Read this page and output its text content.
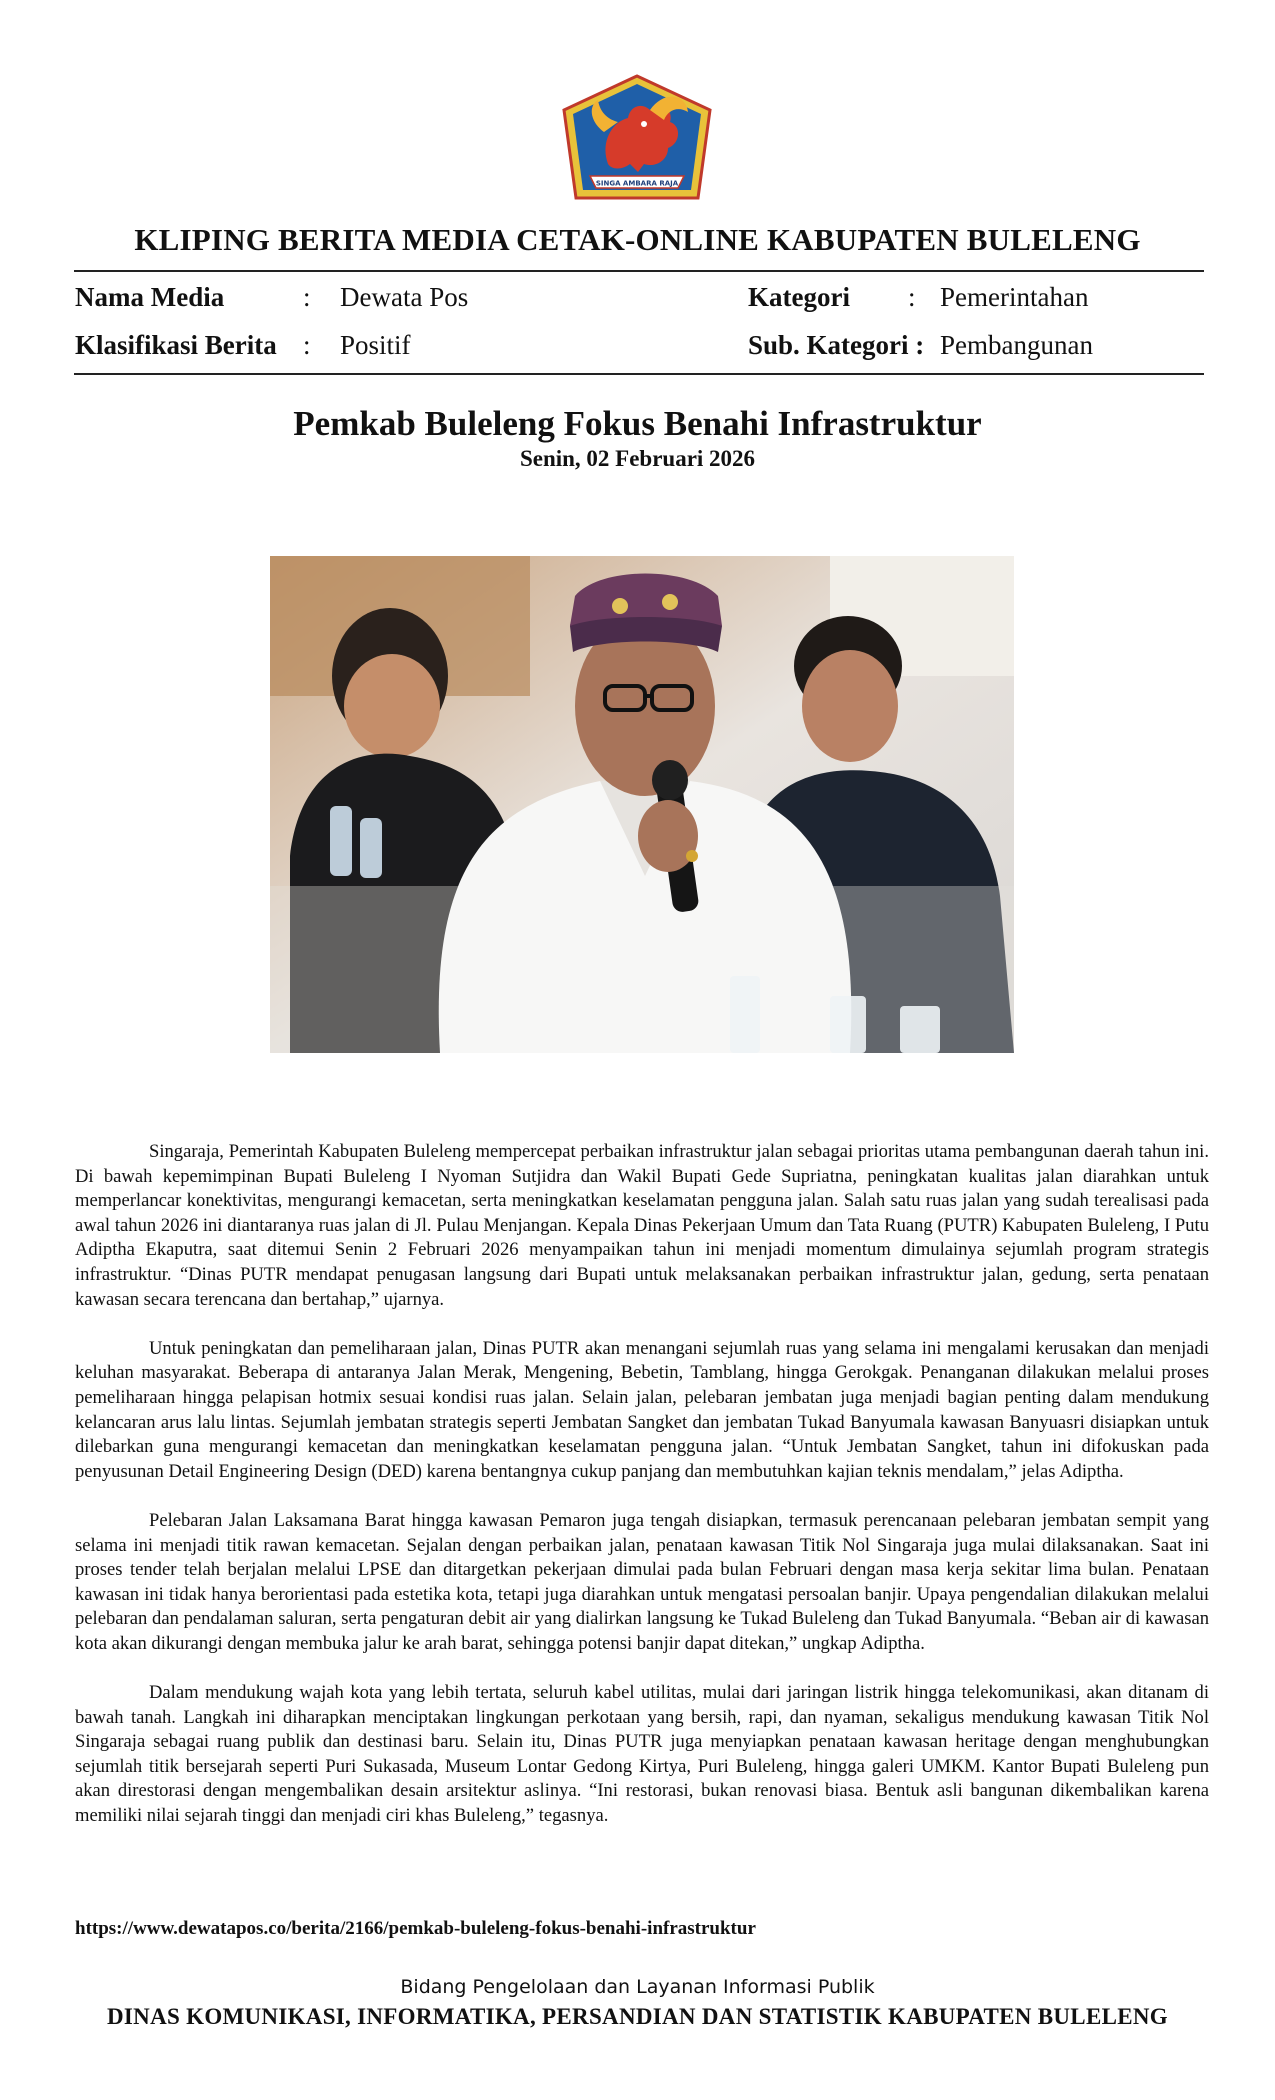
SINGA AMBARA RAJA
KLIPING BERITA MEDIA CETAK-ONLINE KABUPATEN BULELENG
Nama Media	: Dewata Pos
Klasifikasi Berita : Positif
Kategori : Pemerintahan
Sub. Kategori : Pembangunan
Pemkab Buleleng Fokus Benahi Infrastruktur
Senin, 02 Februari 2026

Singaraja, Pemerintah Kabupaten Buleleng mempercepat perbaikan infrastruktur jalan sebagai prioritas utama pembangunan daerah tahun ini. Di bawah kepemimpinan Bupati Buleleng I Nyoman Sutjidra dan Wakil Bupati Gede Supriatna, peningkatan kualitas jalan diarahkan untuk memperlancar konektivitas, mengurangi kemacetan, serta meningkatkan keselamatan pengguna jalan. Salah satu ruas jalan yang sudah terealisasi pada awal tahun 2026 ini diantaranya ruas jalan di Jl. Pulau Menjangan. Kepala Dinas Pekerjaan Umum dan Tata Ruang (PUTR) Kabupaten Buleleng, I Putu Adiptha Ekaputra, saat ditemui Senin 2 Februari 2026 menyampaikan tahun ini menjadi momentum dimulainya sejumlah program strategis infrastruktur. “Dinas PUTR mendapat penugasan langsung dari Bupati untuk melaksanakan perbaikan infrastruktur jalan, gedung, serta penataan kawasan secara terencana dan bertahap,” ujarnya.

Untuk peningkatan dan pemeliharaan jalan, Dinas PUTR akan menangani sejumlah ruas yang selama ini mengalami kerusakan dan menjadi keluhan masyarakat. Beberapa di antaranya Jalan Merak, Mengening, Bebetin, Tamblang, hingga Gerokgak. Penanganan dilakukan melalui proses pemeliharaan hingga pelapisan hotmix sesuai kondisi ruas jalan. Selain jalan, pelebaran jembatan juga menjadi bagian penting dalam mendukung kelancaran arus lalu lintas. Sejumlah jembatan strategis seperti Jembatan Sangket dan jembatan Tukad Banyumala kawasan Banyuasri disiapkan untuk dilebarkan guna mengurangi kemacetan dan meningkatkan keselamatan pengguna jalan. “Untuk Jembatan Sangket, tahun ini difokuskan pada penyusunan Detail Engineering Design (DED) karena bentangnya cukup panjang dan membutuhkan kajian teknis mendalam,” jelas Adiptha.

Pelebaran Jalan Laksamana Barat hingga kawasan Pemaron juga tengah disiapkan, termasuk perencanaan pelebaran jembatan sempit yang selama ini menjadi titik rawan kemacetan. Sejalan dengan perbaikan jalan, penataan kawasan Titik Nol Singaraja juga mulai dilaksanakan. Saat ini proses tender telah berjalan melalui LPSE dan ditargetkan pekerjaan dimulai pada bulan Februari dengan masa kerja sekitar lima bulan. Penataan kawasan ini tidak hanya berorientasi pada estetika kota, tetapi juga diarahkan untuk mengatasi persoalan banjir. Upaya pengendalian dilakukan melalui pelebaran dan pendalaman saluran, serta pengaturan debit air yang dialirkan langsung ke Tukad Buleleng dan Tukad Banyumala. “Beban air di kawasan kota akan dikurangi dengan membuka jalur ke arah barat, sehingga potensi banjir dapat ditekan,” ungkap Adiptha.

Dalam mendukung wajah kota yang lebih tertata, seluruh kabel utilitas, mulai dari jaringan listrik hingga telekomunikasi, akan ditanam di bawah tanah. Langkah ini diharapkan menciptakan lingkungan perkotaan yang bersih, rapi, dan nyaman, sekaligus mendukung kawasan Titik Nol Singaraja sebagai ruang publik dan destinasi baru. Selain itu, Dinas PUTR juga menyiapkan penataan kawasan heritage dengan menghubungkan sejumlah titik bersejarah seperti Puri Sukasada, Museum Lontar Gedong Kirtya, Puri Buleleng, hingga galeri UMKM. Kantor Bupati Buleleng pun akan direstorasi dengan mengembalikan desain arsitektur aslinya. “Ini restorasi, bukan renovasi biasa. Bentuk asli bangunan dikembalikan karena memiliki nilai sejarah tinggi dan menjadi ciri khas Buleleng,” tegasnya.

https://www.dewatapos.co/berita/2166/pemkab-buleleng-fokus-benahi-infrastruktur
Bidang Pengelolaan dan Layanan Informasi Publik
DINAS KOMUNIKASI, INFORMATIKA, PERSANDIAN DAN STATISTIK KABUPATEN BULELENG
